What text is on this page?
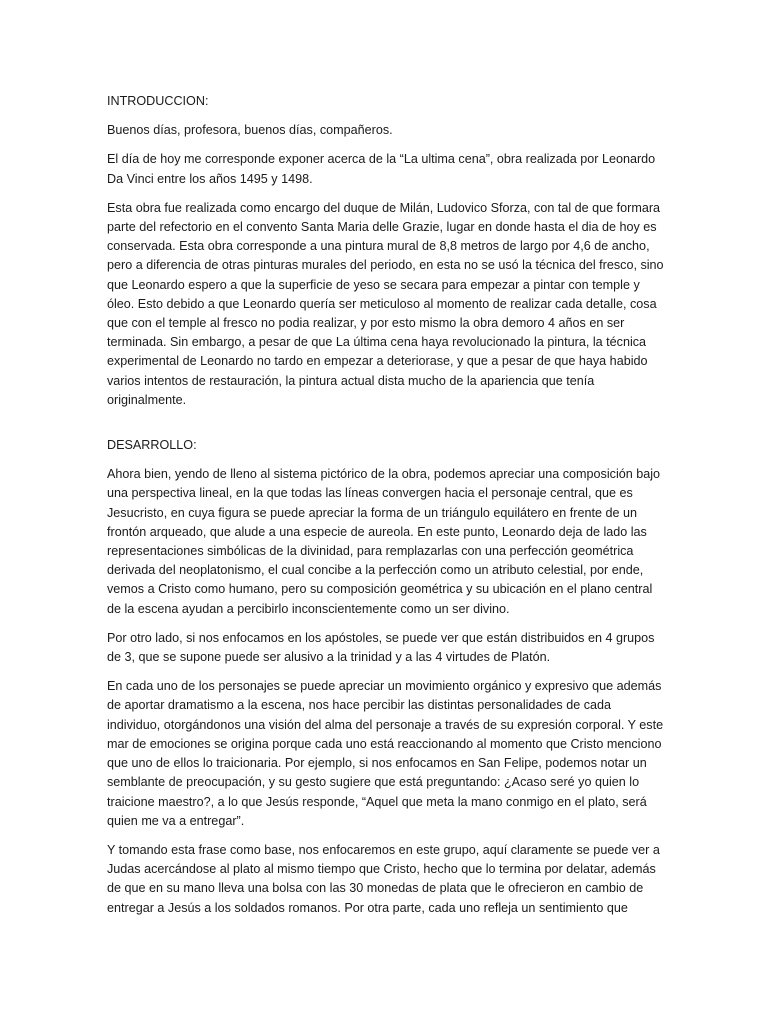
INTRODUCCION:

Buenos días, profesora, buenos días, compañeros.

El día de hoy me corresponde exponer acerca de la “La ultima cena”, obra realizada por Leonardo Da Vinci entre los años 1495 y 1498.

Esta obra fue realizada como encargo del duque de Milán, Ludovico Sforza, con tal de que formara parte del refectorio en el convento Santa Maria delle Grazie, lugar en donde hasta el dia de hoy es conservada. Esta obra corresponde a una pintura mural de 8,8 metros de largo por 4,6 de ancho, pero a diferencia de otras pinturas murales del periodo, en esta no se usó la técnica del fresco, sino que Leonardo espero a que la superficie de yeso se secara para empezar a pintar con temple y óleo. Esto debido a que Leonardo quería ser meticuloso al momento de realizar cada detalle, cosa que con el temple al fresco no podia realizar, y por esto mismo la obra demoro 4 años en ser terminada. Sin embargo, a pesar de que La última cena haya revolucionado la pintura, la técnica experimental de Leonardo no tardo en empezar a deteriorase, y que a pesar de que haya habido varios intentos de restauración, la pintura actual dista mucho de la apariencia que tenía originalmente.

DESARROLLO:

Ahora bien, yendo de lleno al sistema pictórico de la obra, podemos apreciar una composición bajo una perspectiva lineal, en la que todas las líneas convergen hacia el personaje central, que es Jesucristo, en cuya figura se puede apreciar la forma de un triángulo equilátero en frente de un frontón arqueado, que alude a una especie de aureola. En este punto, Leonardo deja de lado las representaciones simbólicas de la divinidad, para remplazarlas con una perfección geométrica derivada del neoplatonismo, el cual concibe a la perfección como un atributo celestial, por ende, vemos a Cristo como humano, pero su composición geométrica y su ubicación en el plano central de la escena ayudan a percibirlo inconscientemente como un ser divino.

Por otro lado, si nos enfocamos en los apóstoles, se puede ver que están distribuidos en 4 grupos de 3, que se supone puede ser alusivo a la trinidad y a las 4 virtudes de Platón.

En cada uno de los personajes se puede apreciar un movimiento orgánico y expresivo que además de aportar dramatismo a la escena, nos hace percibir las distintas personalidades de cada individuo, otorgándonos una visión del alma del personaje a través de su expresión corporal. Y este mar de emociones se origina porque cada uno está reaccionando al momento que Cristo menciono que uno de ellos lo traicionaria. Por ejemplo, si nos enfocamos en San Felipe, podemos notar un semblante de preocupación, y su gesto sugiere que está preguntando: ¿Acaso seré yo quien lo traicione maestro?, a lo que Jesús responde, “Aquel que meta la mano conmigo en el plato, será quien me va a entregar”.

Y tomando esta frase como base, nos enfocaremos en este grupo, aquí claramente se puede ver a Judas acercándose al plato al mismo tiempo que Cristo, hecho que lo termina por delatar, además de que en su mano lleva una bolsa con las 30 monedas de plata que le ofrecieron en cambio de entregar a Jesús a los soldados romanos. Por otra parte, cada uno refleja un sentimiento que
